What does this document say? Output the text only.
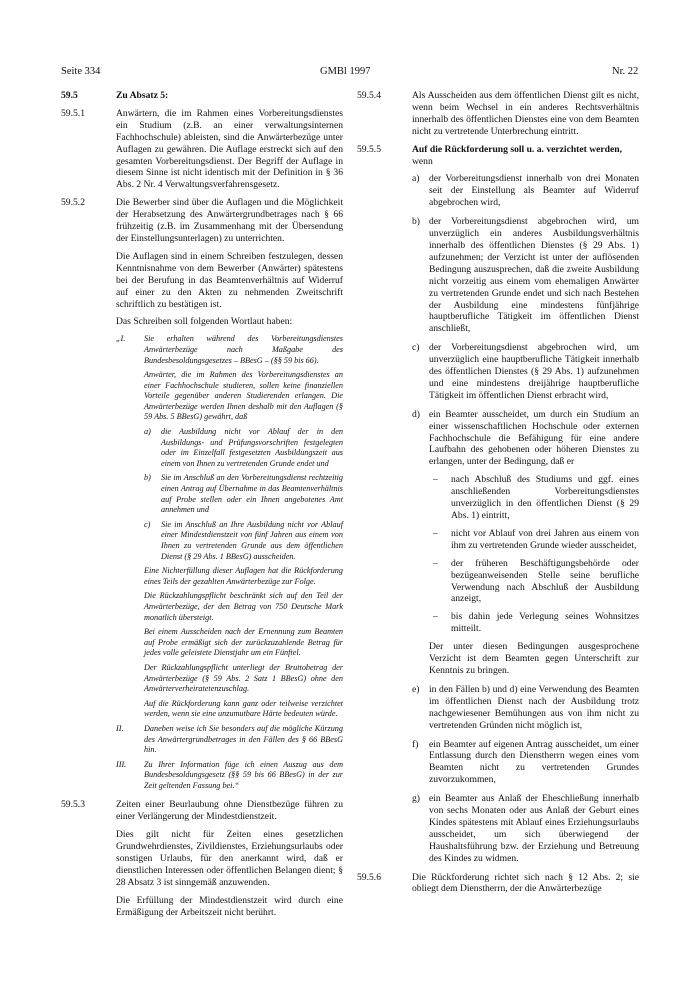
Seite 334	GMBl 1997	Nr. 22
59.5	Zu Absatz 5:

59.5.1	Anwärtern, die im Rahmen eines Vorbereitungsdienstes ein Studium (z.B. an einer verwaltungsinternen Fachhochschule) ableisten, sind die Anwärterbezüge unter Auflagen zu gewähren. Die Auflage erstreckt sich auf den gesamten Vorbereitungsdienst. Der Begriff der Auflage in diesem Sinne ist nicht identisch mit der Definition in § 36 Abs. 2 Nr. 4 Verwaltungsverfahrensgesetz.

59.5.2	Die Bewerber sind über die Auflagen und die Möglichkeit der Herabsetzung des Anwärtergrundbetrages nach § 66 frühzeitig (z.B. im Zusammenhang mit der Übersendung der Einstellungsunterlagen) zu unterrichten.

Die Auflagen sind in einem Schreiben festzulegen, dessen Kenntnisnahme von dem Bewerber (Anwärter) spätestens bei der Berufung in das Beamtenverhältnis auf Widerruf auf einer zu den Akten zu nehmenden Zweitschrift schriftlich zu bestätigen ist.

Das Schreiben soll folgenden Wortlaut haben:

„I. Sie erhalten während des Vorbereitungsdienstes Anwärterbezüge nach Maßgabe des Bundesbesoldungsgesetzes – BBesG – (§§ 59 bis 66).

Anwärter, die im Rahmen des Vorbereitungsdienstes an einer Fachhochschule studieren, sollen keine finanziellen Vorteile gegenüber anderen Studierenden erlangen. Die Anwärterbezüge werden Ihnen deshalb mit den Auflagen (§ 59 Abs. 5 BBesG) gewährt, daß

a) die Ausbildung nicht vor Ablauf der in den Ausbildungs- und Prüfungsvorschriften festgelegten oder im Einzelfall festgesetzten Ausbildungszeit aus einem von Ihnen zu vertretenden Grunde endet und
b) Sie im Anschluß an den Vorbereitungsdienst rechtzeitig einen Antrag auf Übernahme in das Beamtenverhältnis auf Probe stellen oder ein Ihnen angebotenes Amt annehmen und
c) Sie im Anschluß an Ihre Ausbildung nicht vor Ablauf einer Mindestdienstzeit von fünf Jahren aus einem von Ihnen zu vertretenden Grunde aus dem öffentlichen Dienst (§ 29 Abs. 1 BBesG) ausscheiden.

Eine Nichterfüllung dieser Auflagen hat die Rückforderung eines Teils der gezahlten Anwärterbezüge zur Folge.

Die Rückzahlungspflicht beschränkt sich auf den Teil der Anwärterbezüge, der den Betrag von 750 Deutsche Mark monatlich übersteigt.

Bei einem Ausscheiden nach der Ernennung zum Beamten auf Probe ermäßigt sich der zurückzuzahlende Betrag für jedes volle geleistete Dienstjahr um ein Fünftel.

Der Rückzahlungspflicht unterliegt der Bruttobetrag der Anwärterbezüge (§ 59 Abs. 2 Satz 1 BBesG) ohne den Anwärterverheiratetenzuschlag.

Auf die Rückforderung kann ganz oder teilweise verzichtet werden, wenn sie eine unzumutbare Härte bedeuten würde.

II.	Daneben weise ich Sie besonders auf die mögliche Kürzung des Anwärtergrundbetrages in den Fällen des § 66 BBesG hin.
III. Zu Ihrer Information füge ich einen Auszug aus dem Bundesbesoldungsgesetz (§§ 59 bis 66 BBesG) in der zur Zeit geltenden Fassung bei.“
59.5.3	Zeiten einer Beurlaubung ohne Dienstbezüge führen zu einer Verlängerung der Mindestdienstzeit.

Dies gilt nicht für Zeiten eines gesetzlichen Grundwehrdienstes, Zivildienstes, Erziehungsurlaubs oder sonstigen Urlaubs, für den anerkannt wird, daß er dienstlichen Interessen oder öffentlichen Belangen dient; § 28 Absatz 3 ist sinngemäß anzuwenden.

Die Erfüllung der Mindestdienstzeit wird durch eine Ermäßigung der Arbeitszeit nicht berührt.

59.5.4	Als Ausscheiden aus dem öffentlichen Dienst gilt es nicht, wenn beim Wechsel in ein anderes Rechtsverhältnis innerhalb des öffentlichen Dienstes eine von dem Beamten nicht zu vertretende Unterbrechung eintritt.

59.5.5	Auf die Rückforderung soll u. a. verzichtet werden,
wenn

a) der Vorbereitungsdienst innerhalb von drei Monaten seit der Einstellung als Beamter auf Widerruf abgebrochen wird,
b) der Vorbereitungsdienst abgebrochen wird, um unverzüglich ein anderes Ausbildungsverhältnis innerhalb des öffentlichen Dienstes (§ 29 Abs. 1) aufzunehmen; der Verzicht ist unter der auflösenden Bedingung auszusprechen, daß die zweite Ausbildung nicht vorzeitig aus einem vom ehemaligen Anwärter zu vertretenden Grunde endet und sich nach Bestehen der Ausbildung eine mindestens fünfjährige hauptberufliche Tätigkeit im öffentlichen Dienst anschließt,
c) der Vorbereitungsdienst abgebrochen wird, um unverzüglich eine hauptberufliche Tätigkeit innerhalb des öffentlichen Dienstes (§ 29 Abs. 1) aufzunehmen und eine mindestens dreijährige hauptberufliche Tätigkeit im öffentlichen Dienst erbracht wird,
d) ein Beamter ausscheidet, um durch ein Studium an einer wissenschaftlichen Hochschule oder externen Fachhochschule die Befähigung für eine andere Laufbahn des gehobenen oder höheren Dienstes zu erlangen, unter der Bedingung, daß er
– nach Abschluß des Studiums und ggf. eines anschließenden Vorbereitungsdienstes unverzüglich in den öffentlichen Dienst (§ 29 Abs. 1) eintritt,
– nicht vor Ablauf von drei Jahren aus einem von ihm zu vertretenden Grunde wieder ausscheidet,
– der früheren Beschäftigungsbehörde oder bezügeanweisenden Stelle seine berufliche Verwendung nach Abschluß der Ausbildung anzeigt,
– bis dahin jede Verlegung seines Wohnsitzes mitteilt.

Der unter diesen Bedingungen ausgesprochene Verzicht ist dem Beamten gegen Unterschrift zur Kenntnis zu bringen.

e) in den Fällen b) und d) eine Verwendung des Beamten im öffentlichen Dienst nach der Ausbildung trotz nachgewiesener Bemühungen aus von ihm nicht zu vertretenden Gründen nicht möglich ist,
f) ein Beamter auf eigenen Antrag ausscheidet, um einer Entlassung durch den Dienstherrn wegen eines vom Beamten nicht zu vertretenden Grundes zuvorzukommen,
g) ein Beamter aus Anlaß der Eheschließung innerhalb von sechs Monaten oder aus Anlaß der Geburt eines Kindes spätestens mit Ablauf eines Erziehungsurlaubs ausscheidet, um sich überwiegend der Haushaltsführung bzw. der Erziehung und Betreuung des Kindes zu widmen.
59.5.6	Die Rückforderung richtet sich nach § 12 Abs. 2; sie obliegt dem Dienstherrn, der die Anwärterbezüge
